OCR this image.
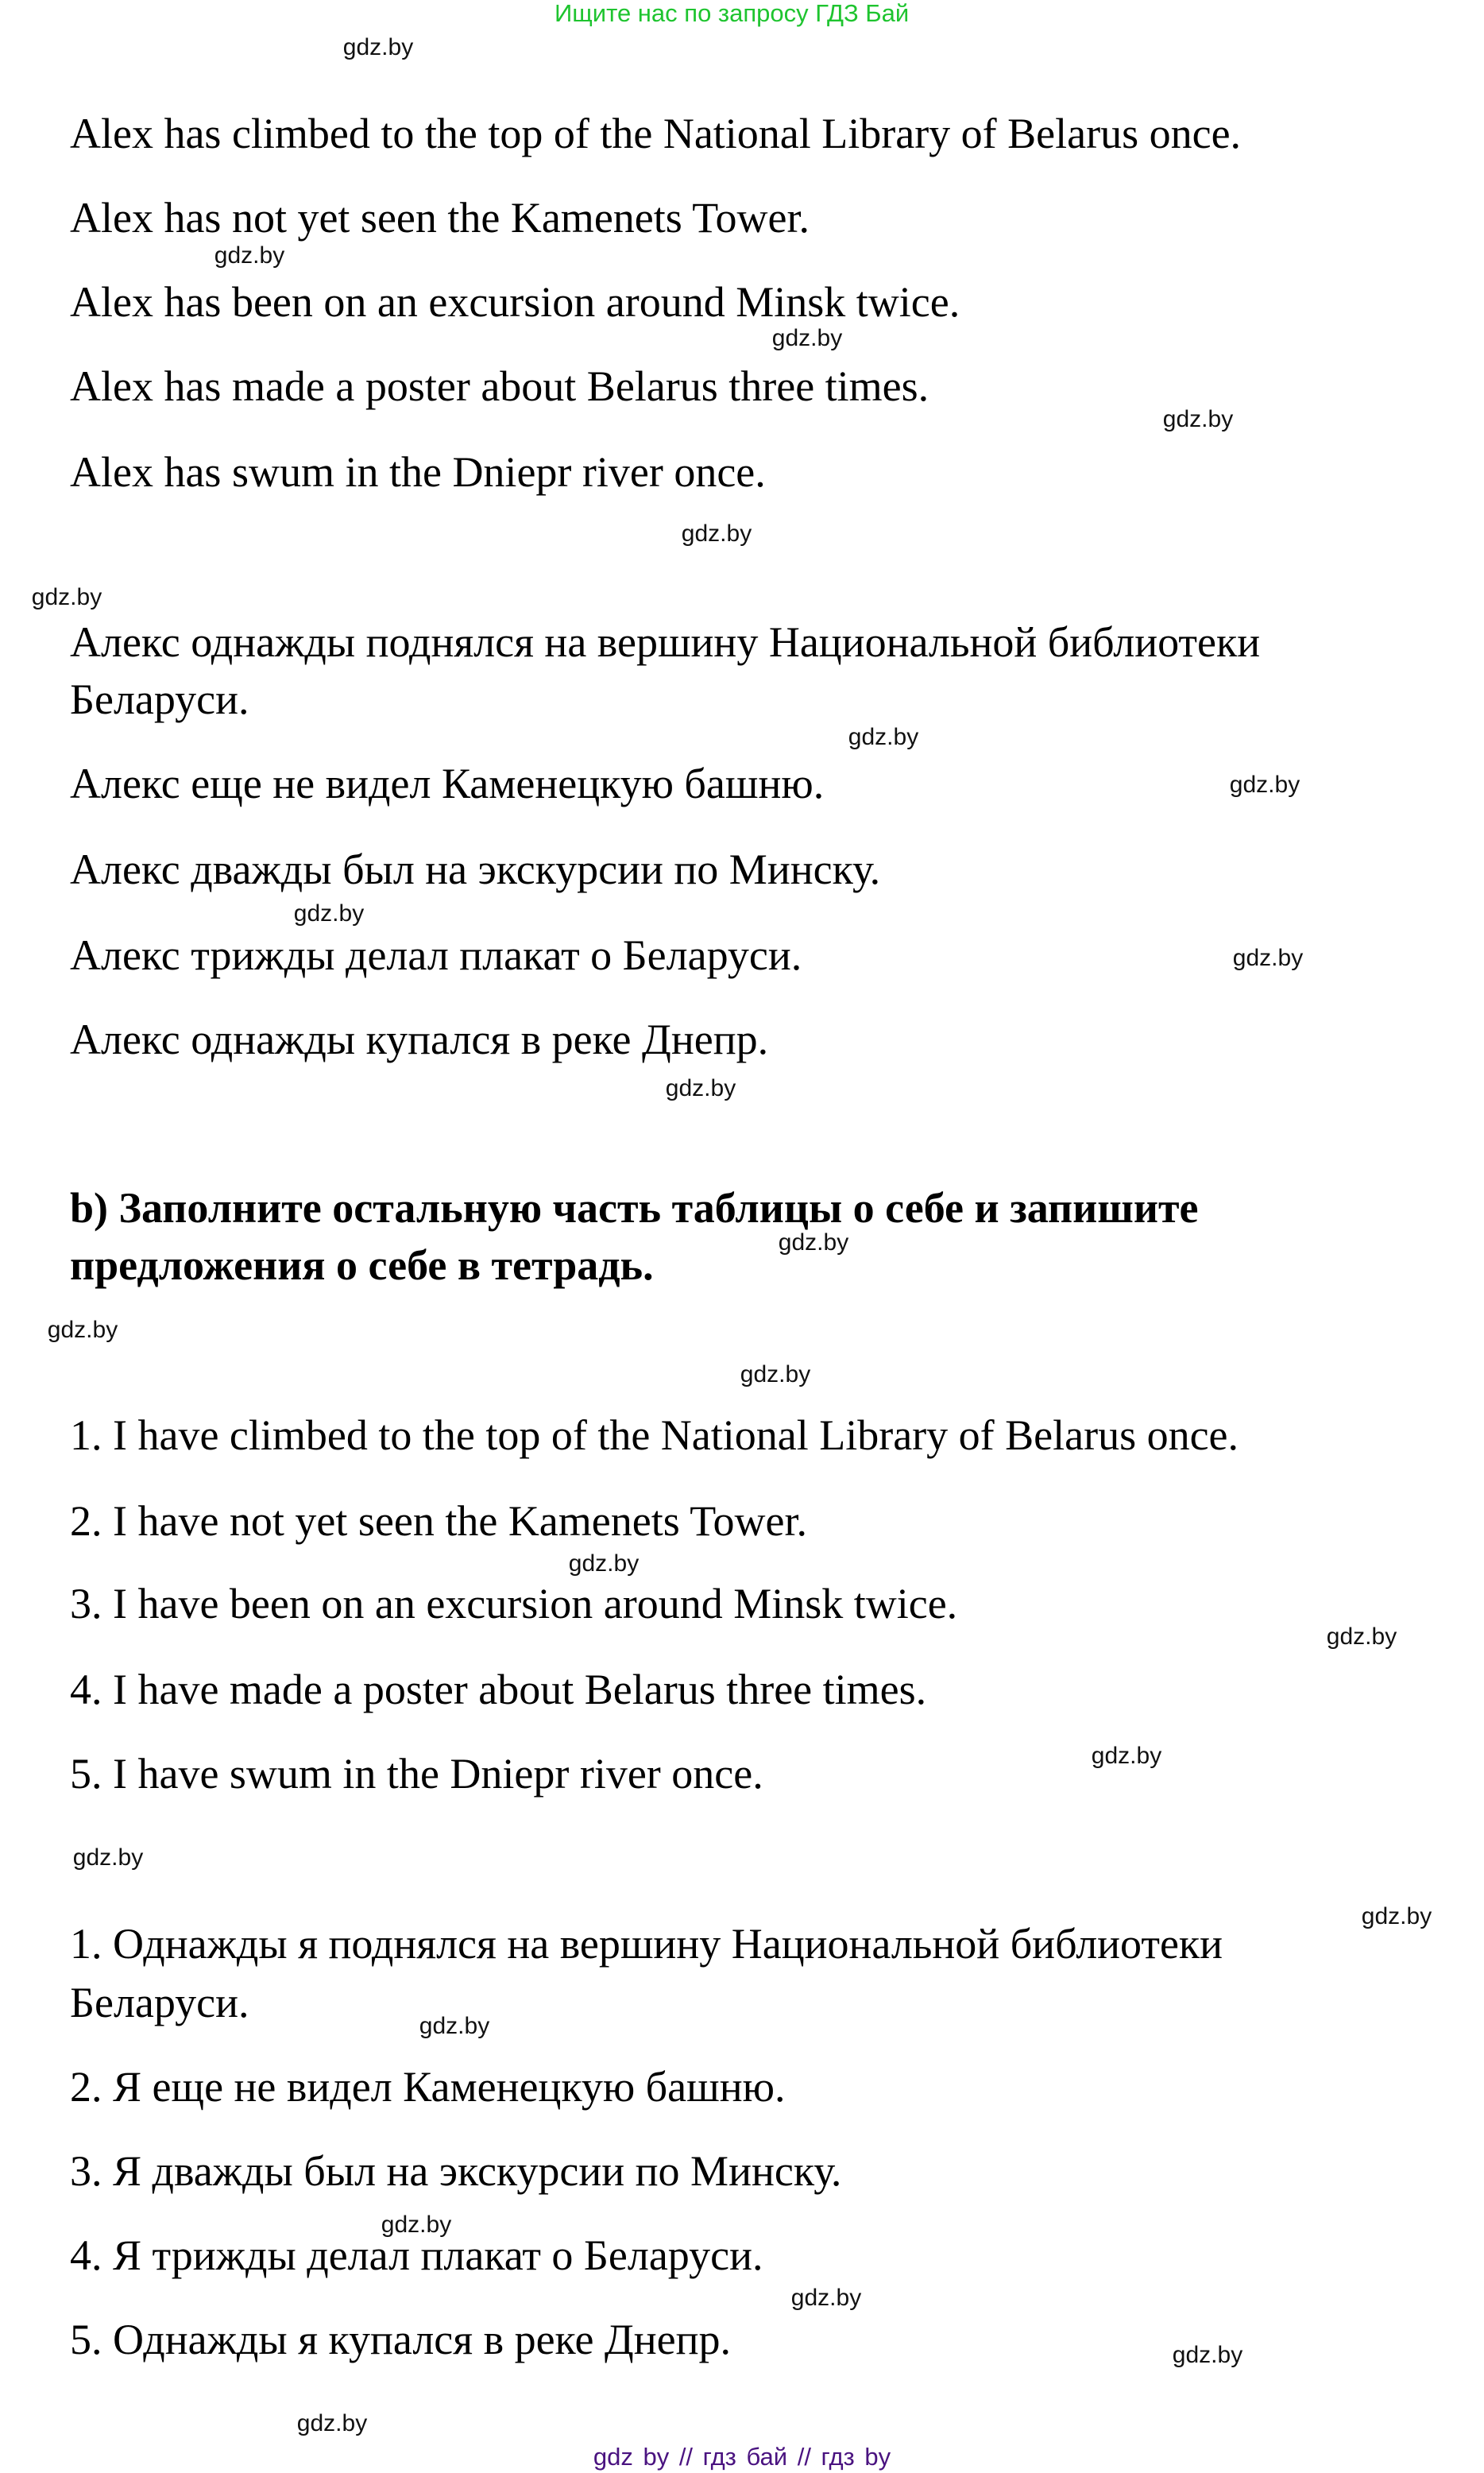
Ищите нас по запросу ГДЗ Бай
Alex has climbed to the top of the National Library of Belarus once.
Alex has not yet seen the Kamenets Tower.
Alex has been on an excursion around Minsk twice.
Alex has made a poster about Belarus three times.
Alex has swum in the Dniepr river once.
Алекс однажды поднялся на вершину Национальной библиотеки
Беларуси.
Алекс еще не видел Каменецкую башню.
Алекс дважды был на экскурсии по Минску.
Алекс трижды делал плакат о Беларуси.
Алекс однажды купался в реке Днепр.
b) Заполните остальную часть таблицы о себе и запишите
предложения о себе в тетрадь.
1. I have climbed to the top of the National Library of Belarus once.
2. I have not yet seen the Kamenets Tower.
3. I have been on an excursion around Minsk twice.
4. I have made a poster about Belarus three times.
5. I have swum in the Dniepr river once.
1. Однажды я поднялся на вершину Национальной библиотеки
Беларуси.
2. Я еще не видел Каменецкую башню.
3. Я дважды был на экскурсии по Минску.
4. Я трижды делал плакат о Беларуси.
5. Однажды я купался в реке Днепр.
gdz.by
gdz.by
gdz.by
gdz.by
gdz.by
gdz.by
gdz.by
gdz.by
gdz.by
gdz.by
gdz.by
gdz.by
gdz.by
gdz.by
gdz.by
gdz.by
gdz.by
gdz.by
gdz.by
gdz.by
gdz.by
gdz.by
gdz.by
gdz.by
gdz by // гдз бай // гдз by
